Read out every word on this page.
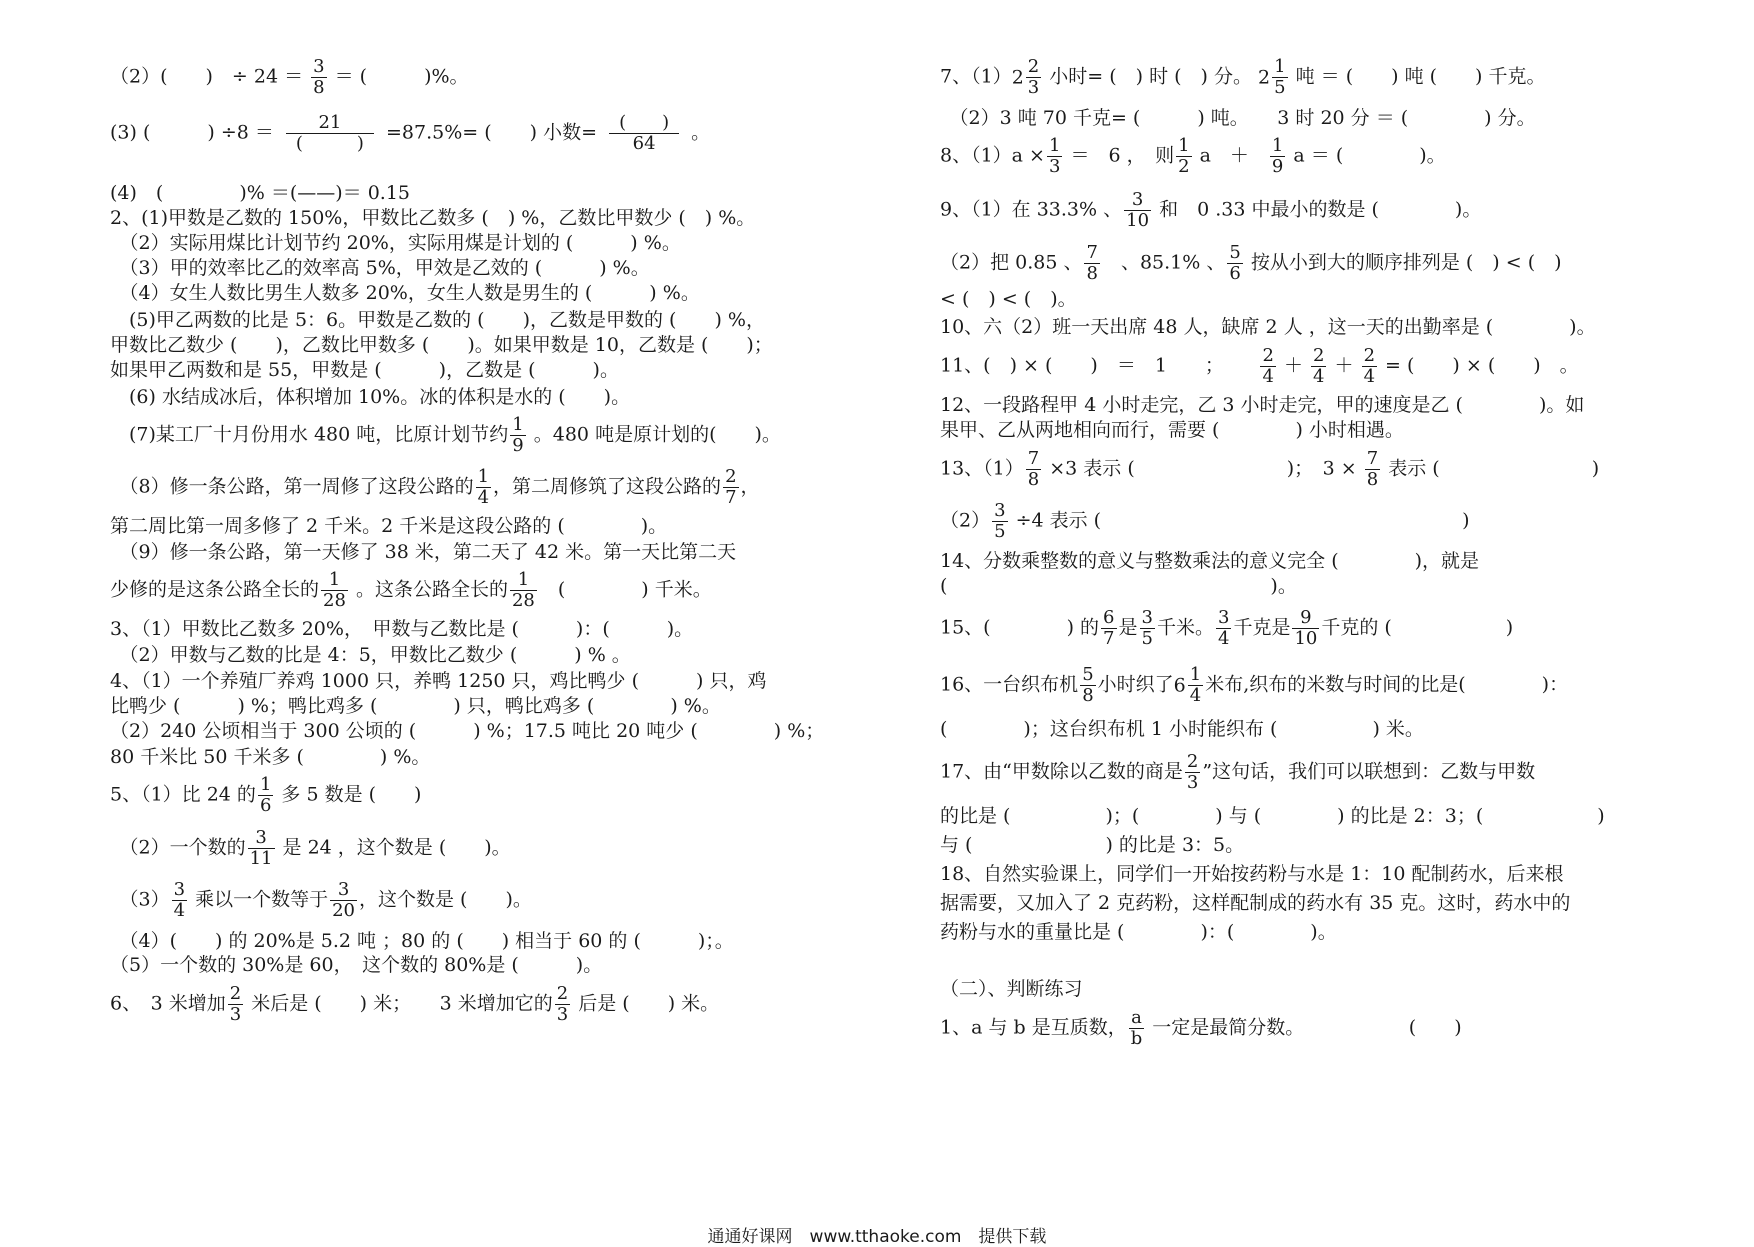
（2）(　　)　÷ $24 = \frac{3}{8}$ ＝ (　　　)%。
(3) (　　　) ÷8 ＝	21
(　　　) =87.5%= (　　) 小数= (　　)
64	。
(4)　(　　　　)% ＝(——)＝ 0.15
2、(1)甲数是乙数的 150%，甲数比乙数多 (　) %，乙数比甲数少 (　) %。
　（2）实际用煤比计划节约 20%，实际用煤是计划的 (　　　) %。
　（3）甲的效率比乙的效率高 5%，甲效是乙效的 (　　　) %。
　（4）女生人数比男生人数多 20%，女生人数是男生的 (　　　) %。
　(5)甲乙两数的比是 5：6。甲数是乙数的 (　　)，乙数是甲数的 (　　) %，
甲数比乙数少 (　　)，乙数比甲数多 (　　)。如果甲数是 10，乙数是 (　　)；
如果甲乙两数和是 55，甲数是 (　　　)，乙数是 (　　　)。
　(6) 水结成冰后，体积增加 10%。冰的体积是水的 (　　)。
　(7)某工厂十月份用水 480 吨，比原计划节约 $\frac{1}{9}$ 。480 吨是原计划的(　　)。
　（8）修一条公路，第一周修了这段公路的 $\frac{1}{4}$ ，第二周修筑了这段公路的 $\frac{2}{7}$ ，
第二周比第一周多修了 2 千米。2 千米是这段公路的 (　　　　)。
　（9）修一条公路，第一天修了 38 米，第二天了 42 米。第一天比第二天
少修的是这条公路全长的 $\frac{1}{28}$ 。这条公路全长的 $\frac{1}{28}$ 　(　　　　) 千米。
3、（1）甲数比乙数多 20%，　甲数与乙数比是 (　　　)：(　　　)。
　（2）甲数与乙数的比是 4：5，甲数比乙数少 (　　　) % 。
4、（1）一个养殖厂养鸡 1000 只，养鸭 1250 只，鸡比鸭少 (　　　) 只，鸡
比鸭少 (　　　) %；鸭比鸡多 (　　　　) 只，鸭比鸡多 (　　　　) %。
（2）240 公顷相当于 300 公顷的 (　　　) %；17.5 吨比 20 吨少 (　　　　) %；
80 千米比 50 千米多 (　　　　) %。
5、（1）比 24 的 $\frac{1}{6}$ 多 5 数是 (　　)
　（2）一个数的 $\frac{3}{11}$ 是 24 ，这个数是 (　　)。
　$(3) \frac{3}{4}$ 乘以一个数等于 $\frac{3}{20}$ ，这个数是 (　　)。
　（4）(　　) 的 20%是 5.2 吨 ；80 的 (　　) 相当于 60 的 (　　　)；。
（5）一个数的 30%是 60，　这个数的 80%是 (　　　)。
6、　3 米增加 $\frac{2}{3}$ 米后是 (　　) 米；　　3 米增加它的 $\frac{2}{3}$ 后是 (　　) 米。
7、$(1)2 \frac{2}{3}$ 小时= (　) 时 (　) 分。 $2 \frac{1}{5}$ 吨 ＝ (　　) 吨 (　　) 千克。
　（2）3 吨 70 千克= (　　　) 吨。　　3 时 20 分 ＝ (　　　　) 分。
8、$(1)a \times \frac{1}{3}$ ＝　6 ，　则 $\frac{1}{2}$ a　＋　 $\frac{1}{9}$ a ＝ (　　　　)。
9、（1）在 33.3% 、 $\frac{3}{10}$ 和　0 .33 中最小的数是 (　　　　)。
（2）把 0.85 、 $\frac{7}{8}$ 　、85.1% 、 $\frac{5}{6}$ 按从小到大的顺序排列是 (　) < (　)
< (　) < (　)。
10、六（2）班一天出席 48 人，缺席 2 人 ，这一天的出勤率是 (　　　　)。
11、(　) × (　　)　＝　1　　；　　 $\frac{2}{4} + \frac{2}{4} + \frac{2}{4}$ = (　　) × (　　)　。
12、一段路程甲 4 小时走完，乙 3 小时走完，甲的速度是乙 (　　　　)。如
果甲、乙从两地相向而行，需要 (　　　　) 小时相遇。
13、$(1) \frac{7}{8} \times 3$ 表示 (　　　　　　　　)；　$3 \times \frac{7}{8}$ 表示 (　　　　　　　　)
$(2) \frac{3}{5} \div 4$ 表示 (　　　　　　　　　　　　　　　　　　　)
14、分数乘整数的意义与整数乘法的意义完全 (　　　　)，就是
(　　　　　　　　　　　　　　　　　)。
15、(　　　　) 的 $\frac{6}{7}$ 是 $\frac{3}{5}$ 千米。 $\frac{3}{4}$ 千克是 $\frac{9}{10}$ 千克的 (　　　　　　)
16、一台织布机 $\frac{5}{8}$ 小时织了$6 \frac{1}{4}$ 米布,织布的米数与时间的比是(　　　　)：
(　　　　)；这台织布机 1 小时能织布 (　　　　　) 米。
17、由“甲数除以乙数的商是 $\frac{2}{3}$ ”这句话，我们可以联想到：乙数与甲数
的比是 (　　　　　)；(　　　　) 与 (　　　　) 的比是 2：3；(　　　　　　)
与 (　　　　　　　) 的比是 3：5。
18、自然实验课上，同学们一开始按药粉与水是 1：10 配制药水，后来根
据需要，又加入了 2 克药粉，这样配制成的药水有 35 克。这时，药水中的
药粉与水的重量比是 (　　　　)：(　　　　)。
（二）、判断练习
1、a 与 b 是互质数， $\frac{a}{b}$ 一定是最简分数。　　　　　　(　　)
通通好课网　www.tthaoke.com　提供下载
